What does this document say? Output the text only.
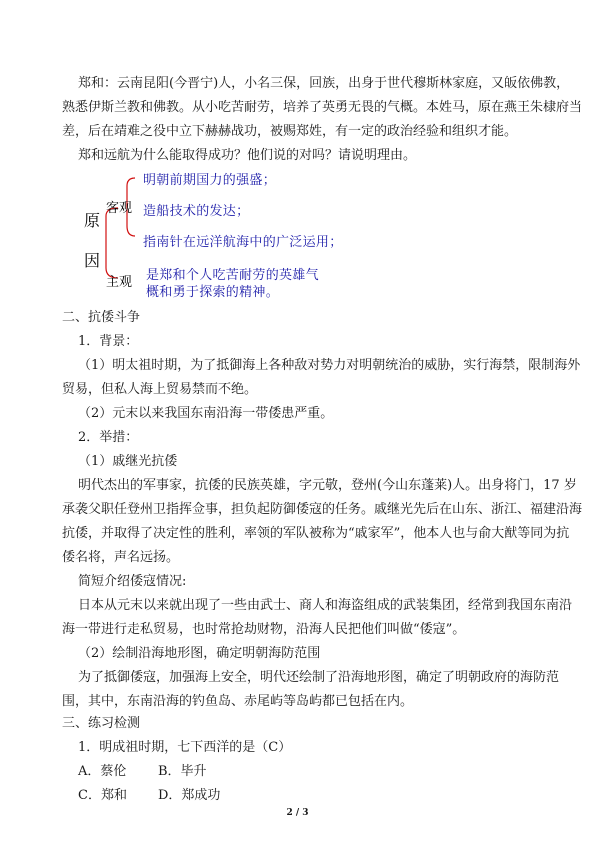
郑和：云南昆阳(今晋宁)人，小名三保，回族，出身于世代穆斯林家庭，又皈依佛教，
熟悉伊斯兰教和佛教。从小吃苦耐劳，培养了英勇无畏的气概。本姓马，原在燕王朱棣府当
差，后在靖难之役中立下赫赫战功，被赐郑姓，有一定的政治经验和组织才能。
郑和远航为什么能取得成功？他们说的对吗？请说明理由。
原
因
客观
主观
明朝前期国力的强盛；
造船技术的发达；
指南针在远洋航海中的广泛运用；
是郑和个人吃苦耐劳的英雄气
概和勇于探索的精神。
二、抗倭斗争
1．背景：
（1）明太祖时期，为了抵御海上各种敌对势力对明朝统治的威胁，实行海禁，限制海外
贸易，但私人海上贸易禁而不绝。
（2）元末以来我国东南沿海一带倭患严重。
2．举措：
（1）戚继光抗倭
明代杰出的军事家，抗倭的民族英雄，字元敬，登州(今山东蓬莱)人。出身将门，17 岁
承袭父职任登州卫指挥佥事，担负起防御倭寇的任务。戚继光先后在山东、浙江、福建沿海
抗倭，并取得了决定性的胜利，率领的军队被称为“戚家军”，他本人也与俞大猷等同为抗
倭名将，声名远扬。
简短介绍倭寇情况:
日本从元末以来就出现了一些由武士、商人和海盗组成的武装集团，经常到我国东南沿
海一带进行走私贸易，也时常抢劫财物，沿海人民把他们叫做“倭寇”。
（2）绘制沿海地形图，确定明朝海防范围
为了抵御倭寇，加强海上安全，明代还绘制了沿海地形图，确定了明朝政府的海防范
围，其中，东南沿海的钓鱼岛、赤尾屿等岛屿都已包括在内。
三、练习检测
1．明成祖时期，七下西洋的是（C）
A．蔡伦 B．毕升
C．郑和 D．郑成功
2 / 3
